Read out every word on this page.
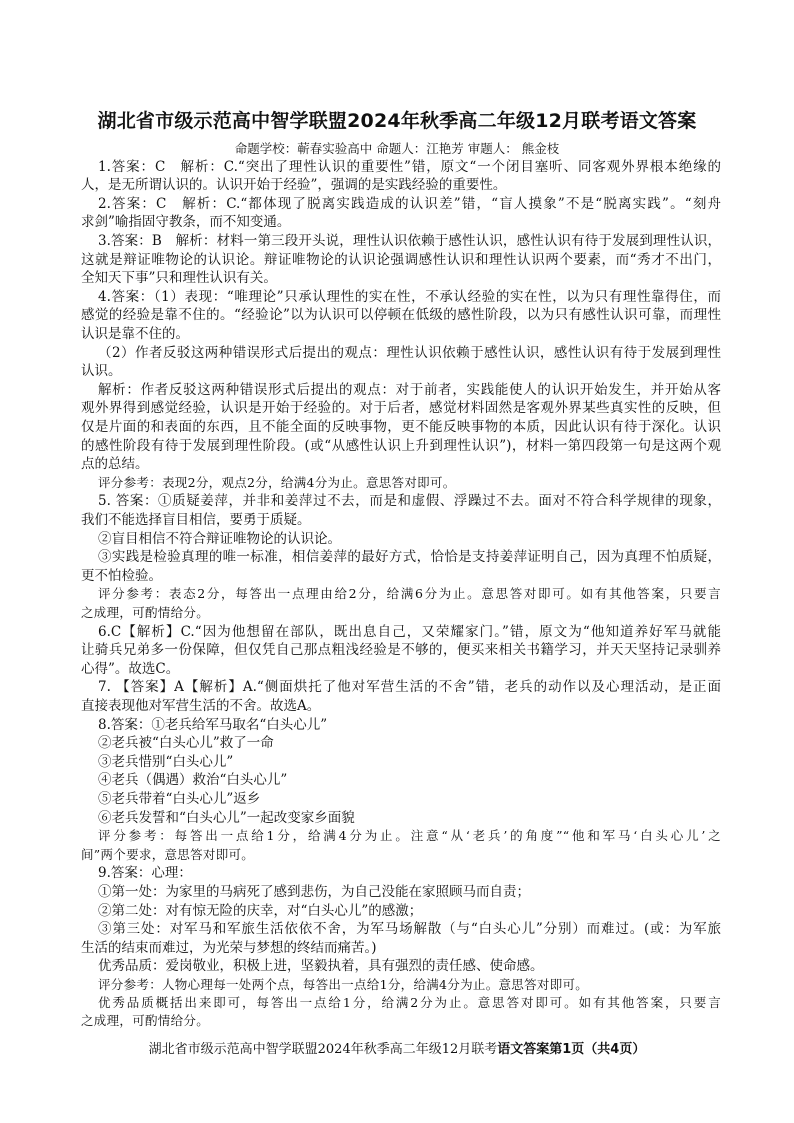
湖北省市级示范高中智学联盟2024年秋季高二年级12月联考语文答案
命题学校：蕲春实验高中 命题人：江艳芳 审题人： 熊金枝
1.答案：C　解析：C.“突出了理性认识的重要性”错，原文“一个闭目塞听、同客观外界根本绝缘的
人，是无所谓认识的。认识开始于经验”，强调的是实践经验的重要性。
2.答案：C　解析：C.“都体现了脱离实践造成的认识差”错，“盲人摸象”不是“脱离实践”。“刻舟
求剑”喻指固守教条，而不知变通。
3.答案：B　解析：材料一第三段开头说，理性认识依赖于感性认识，感性认识有待于发展到理性认识，
这就是辩证唯物论的认识论。辩证唯物论的认识论强调感性认识和理性认识两个要素，而“秀才不出门，
全知天下事”只和理性认识有关。
4.答案：（1）表现：“唯理论”只承认理性的实在性，不承认经验的实在性，以为只有理性靠得住，而
感觉的经验是靠不住的。“经验论”以为认识可以停顿在低级的感性阶段，以为只有感性认识可靠，而理性
认识是靠不住的。
（2）作者反驳这两种错误形式后提出的观点：理性认识依赖于感性认识，感性认识有待于发展到理性
认识。
解析：作者反驳这两种错误形式后提出的观点：对于前者，实践能使人的认识开始发生，并开始从客
观外界得到感觉经验，认识是开始于经验的。对于后者，感觉材料固然是客观外界某些真实性的反映，但
仅是片面的和表面的东西，且不能全面的反映事物，更不能反映事物的本质，因此认识有待于深化。认识
的感性阶段有待于发展到理性阶段。(或“从感性认识上升到理性认识”)，材料一第四段第一句是这两个观
点的总结。
评分参考：表现2分，观点2分，给满4分为止。意思答对即可。
5. 答案：①质疑姜萍，并非和姜萍过不去，而是和虚假、浮躁过不去。面对不符合科学规律的现象，
我们不能选择盲目相信，要勇于质疑。
②盲目相信不符合辩证唯物论的认识论。
③实践是检验真理的唯一标准，相信姜萍的最好方式，恰恰是支持姜萍证明自己，因为真理不怕质疑，
更不怕检验。
评分参考：表态2分，每答出一点理由给2分，给满6分为止。意思答对即可。如有其他答案，只要言
之成理，可酌情给分。
6.C【解析】C.“因为他想留在部队，既出息自己，又荣耀家门。”错，原文为“他知道养好军马就能
让骑兵兄弟多一份保障，但仅凭自己那点粗浅经验是不够的，便买来相关书籍学习，并天天坚持记录驯养
心得”。故选C。
7. 【答案】A【解析】A.“侧面烘托了他对军营生活的不舍”错，老兵的动作以及心理活动，是正面
直接表现他对军营生活的不舍。故选A。
8.答案：①老兵给军马取名“白头心儿”
②老兵被“白头心儿”救了一命
③老兵惜别“白头心儿”
④老兵（偶遇）救治“白头心儿”
⑤老兵带着“白头心儿”返乡
⑥老兵发誓和“白头心儿”一起改变家乡面貌
评分参考：每答出一点给1分，给满4分为止。注意“从‘老兵’的角度”“他和军马‘白头心儿’之
间”两个要求，意思答对即可。
9.答案：心理：
①第一处：为家里的马病死了感到悲伤，为自己没能在家照顾马而自责；
②第二处：对有惊无险的庆幸，对“白头心儿”的感激；
③第三处：对军马和军旅生活依依不舍，为军马场解散（与“白头心儿”分别）而难过。(或：为军旅
生活的结束而难过，为光荣与梦想的终结而痛苦。)
优秀品质：爱岗敬业，积极上进，坚毅执着，具有强烈的责任感、使命感。
评分参考：人物心理每一处两个点，每答出一点给1分，给满4分为止。意思答对即可。
优秀品质概括出来即可，每答出一点给1分，给满2分为止。意思答对即可。如有其他答案，只要言
之成理，可酌情给分。
湖北省市级示范高中智学联盟2024年秋季高二年级12月联考语文答案第1页（共4页）
